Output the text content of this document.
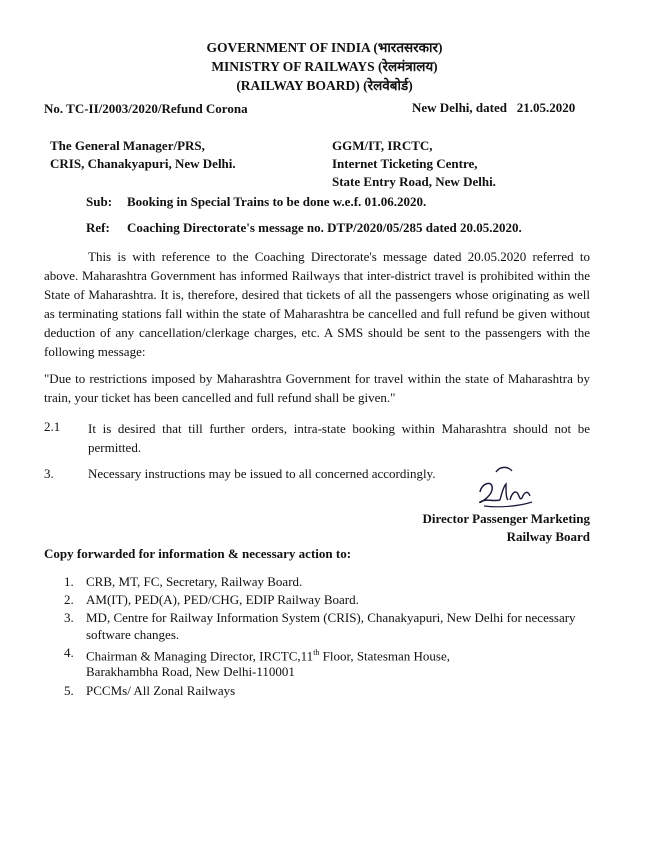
GOVERNMENT OF INDIA (भारतसरकार)
MINISTRY OF RAILWAYS (रेलमंत्रालय)
(RAILWAY BOARD) (रेलवेबोर्ड)
No. TC-II/2003/2020/Refund Corona	New Delhi, dated   21.05.2020
The General Manager/PRS,
CRIS, Chanakyapuri, New Delhi.
GGM/IT, IRCTC,
Internet Ticketing Centre,
State Entry Road, New Delhi.
Sub: Booking in Special Trains to be done w.e.f. 01.06.2020.
Ref: Coaching Directorate's message no. DTP/2020/05/285 dated 20.05.2020.
This is with reference to the Coaching Directorate's message dated 20.05.2020 referred to above. Maharashtra Government has informed Railways that inter-district travel is prohibited within the State of Maharashtra. It is, therefore, desired that tickets of all the passengers whose originating as well as terminating stations fall within the state of Maharashtra be cancelled and full refund be given without deduction of any cancellation/clerkage charges, etc. A SMS should be sent to the passengers with the following message:
"Due to restrictions imposed by Maharashtra Government for travel within the state of Maharashtra by train, your ticket has been cancelled and full refund shall be given."
2.1 It is desired that till further orders, intra-state booking within Maharashtra should not be permitted.
3.	Necessary instructions may be issued to all concerned accordingly.
Director Passenger Marketing
Railway Board
Copy forwarded for information & necessary action to:
1. CRB, MT, FC, Secretary, Railway Board.
2. AM(IT), PED(A), PED/CHG, EDIP Railway Board.
3. MD, Centre for Railway Information System (CRIS), Chanakyapuri, New Delhi for necessary software changes.
4. Chairman & Managing Director, IRCTC,11th Floor, Statesman House,
Barakhambha Road, New Delhi-110001
5. PCCMs/ All Zonal Railways
